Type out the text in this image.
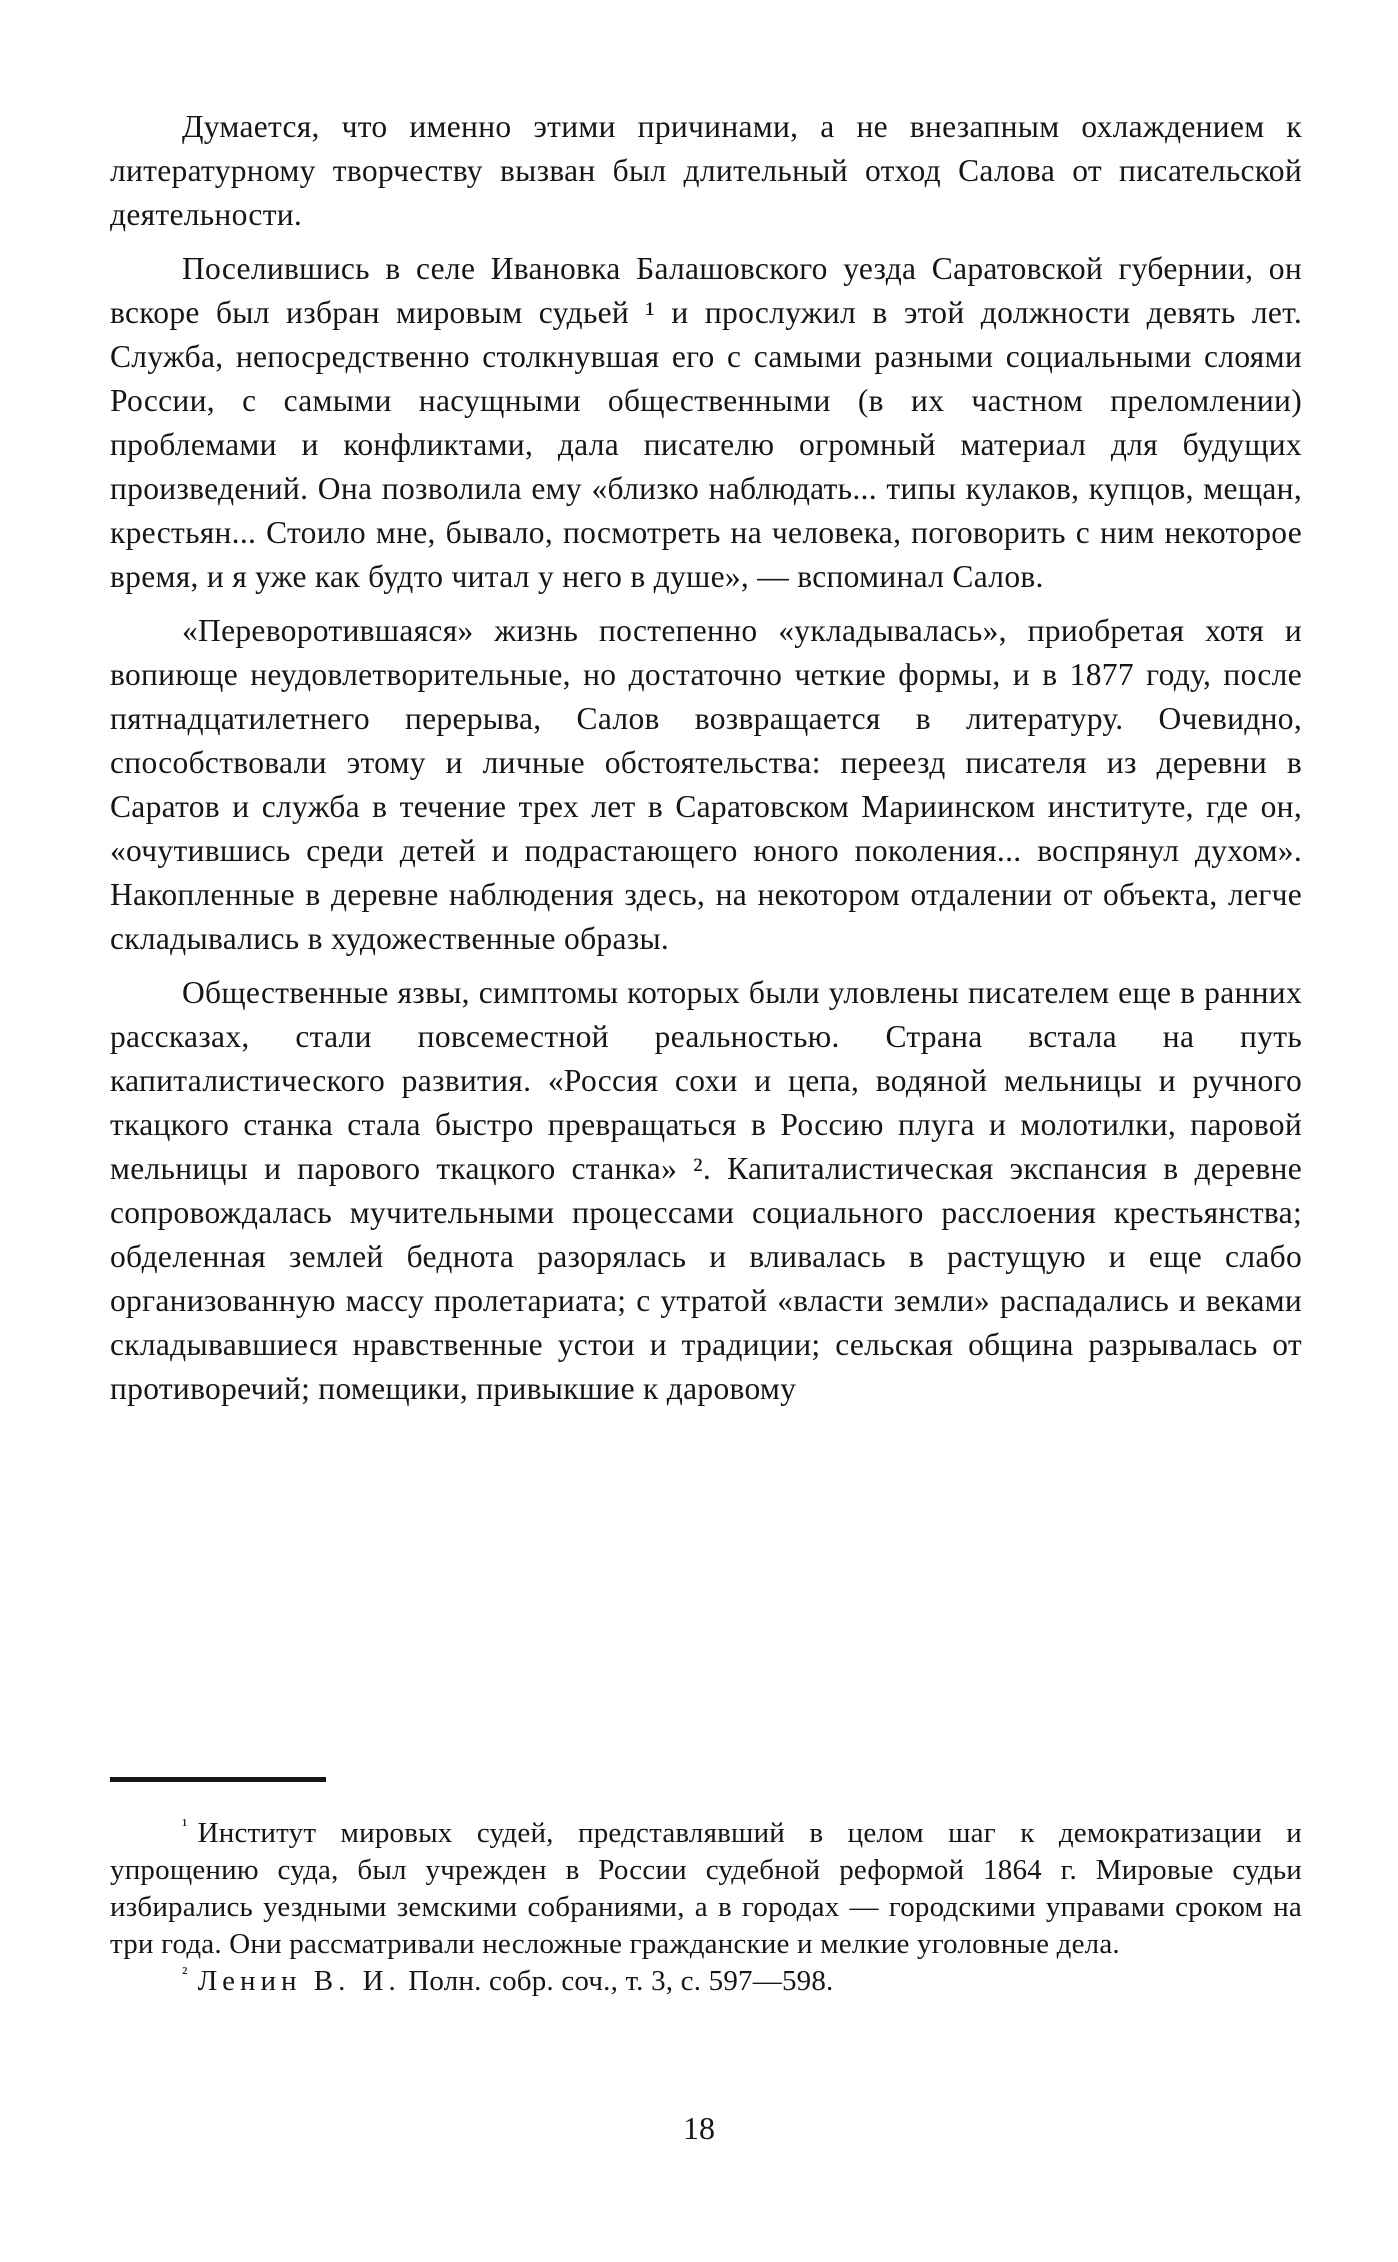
Думается, что именно этими причинами, а не внезапным охлаждением к литературному творчеству вызван был длительный отход Салова от писательской деятельности.

Поселившись в селе Ивановка Балашовского уезда Саратовской губернии, он вскоре был избран мировым судьей ¹ и прослужил в этой должности девять лет. Служба, непосредственно столкнувшая его с самыми разными социальными слоями России, с самыми насущными общественными (в их частном преломлении) проблемами и конфликтами, дала писателю огромный материал для будущих произведений. Она позволила ему «близко наблюдать... типы кулаков, купцов, мещан, крестьян... Стоило мне, бывало, посмотреть на человека, поговорить с ним некоторое время, и я уже как будто читал у него в душе», — вспоминал Салов.

«Переворотившаяся» жизнь постепенно «укладывалась», приобретая хотя и вопиюще неудовлетворительные, но достаточно четкие формы, и в 1877 году, после пятнадцатилетнего перерыва, Салов возвращается в литературу. Очевидно, способствовали этому и личные обстоятельства: переезд писателя из деревни в Саратов и служба в течение трех лет в Саратовском Мариинском институте, где он, «очутившись среди детей и подрастающего юного поколения... воспрянул духом». Накопленные в деревне наблюдения здесь, на некотором отдалении от объекта, легче складывались в художественные образы.

Общественные язвы, симптомы которых были уловлены писателем еще в ранних рассказах, стали повсеместной реальностью. Страна встала на путь капиталистического развития. «Россия сохи и цепа, водяной мельницы и ручного ткацкого станка стала быстро превращаться в Россию плуга и молотилки, паровой мельницы и парового ткацкого станка» ². Капиталистическая экспансия в деревне сопровождалась мучительными процессами социального расслоения крестьянства; обделенная землей беднота разорялась и вливалась в растущую и еще слабо организованную массу пролетариата; с утратой «власти земли» распадались и веками складывавшиеся нравственные устои и традиции; сельская община разрывалась от противоречий; помещики, привыкшие к даровому

$^{^1}$ Институт мировых судей, представлявший в целом шаг к демократизации и упрощению суда, был учрежден в России судебной реформой 1864 г. Мировые судьи избирались уездными земскими собраниями, а в городах — городскими управами сроком на три года. Они рассматривали несложные гражданские и мелкие уголовные дела.

$^{^2}$ Ленин В. И. Полн. собр. соч., т. 3, с. 597—598.

18
